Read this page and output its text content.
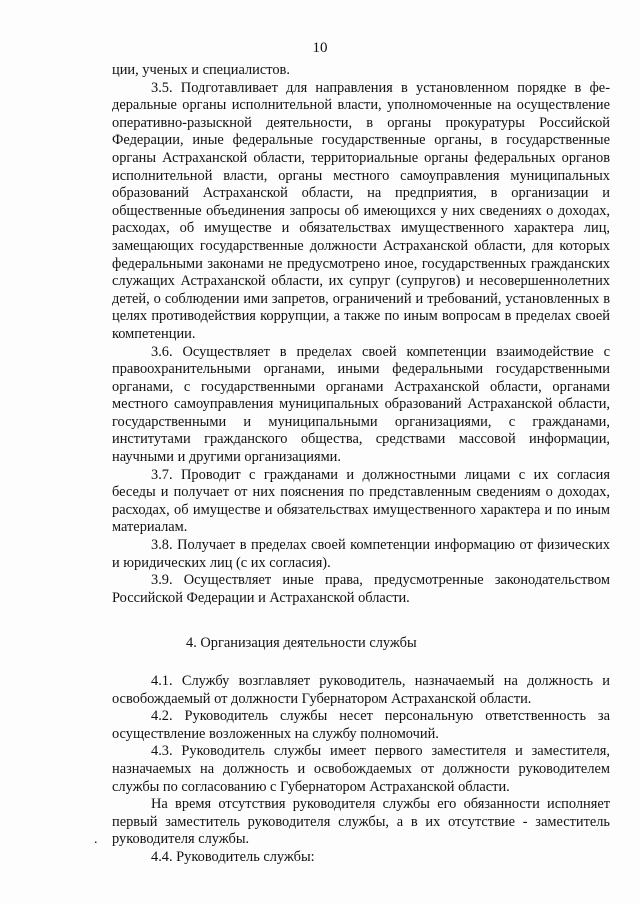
10

ции, ученых и специалистов.

3.5. Подготавливает для направления в установленном порядке в федеральные органы исполнительной власти, уполномоченные на осуществление оперативно-разыскной деятельности, в органы прокуратуры Российской Федерации, иные федеральные государственные органы, в государственные органы Астраханской области, территориальные органы федеральных органов исполнительной власти, органы местного самоуправления муниципальных образований Астраханской области, на предприятия, в организации и общественные объединения запросы об имеющихся у них сведениях о доходах, расходах, об имуществе и обязательствах имущественного характера лиц, замещающих государственные должности Астраханской области, для которых федеральными законами не предусмотрено иное, государственных гражданских служащих Астраханской области, их супруг (супругов) и несовершеннолетних детей, о соблюдении ими запретов, ограничений и требований, установленных в целях противодействия коррупции, а также по иным вопросам в пределах своей компетенции.

3.6. Осуществляет в пределах своей компетенции взаимодействие с правоохранительными органами, иными федеральными государственными органами, с государственными органами Астраханской области, органами местного самоуправления муниципальных образований Астраханской области, государственными и муниципальными организациями, с гражданами, институтами гражданского общества, средствами массовой информации, научными и другими организациями.

3.7. Проводит с гражданами и должностными лицами с их согласия беседы и получает от них пояснения по представленным сведениям о доходах, расходах, об имуществе и обязательствах имущественного характера и по иным материалам.

3.8. Получает в пределах своей компетенции информацию от физических и юридических лиц (с их согласия).

3.9. Осуществляет иные права, предусмотренные законодательством Российской Федерации и Астраханской области.

4. Организация деятельности службы

4.1. Службу возглавляет руководитель, назначаемый на должность и освобождаемый от должности Губернатором Астраханской области.

4.2. Руководитель службы несет персональную ответственность за осуществление возложенных на службу полномочий.

4.3. Руководитель службы имеет первого заместителя и заместителя, назначаемых на должность и освобождаемых от должности руководителем службы по согласованию с Губернатором Астраханской области.

На время отсутствия руководителя службы его обязанности исполняет первый заместитель руководителя службы, а в их отсутствие - заместитель руководителя службы.

4.4. Руководитель службы:

.
